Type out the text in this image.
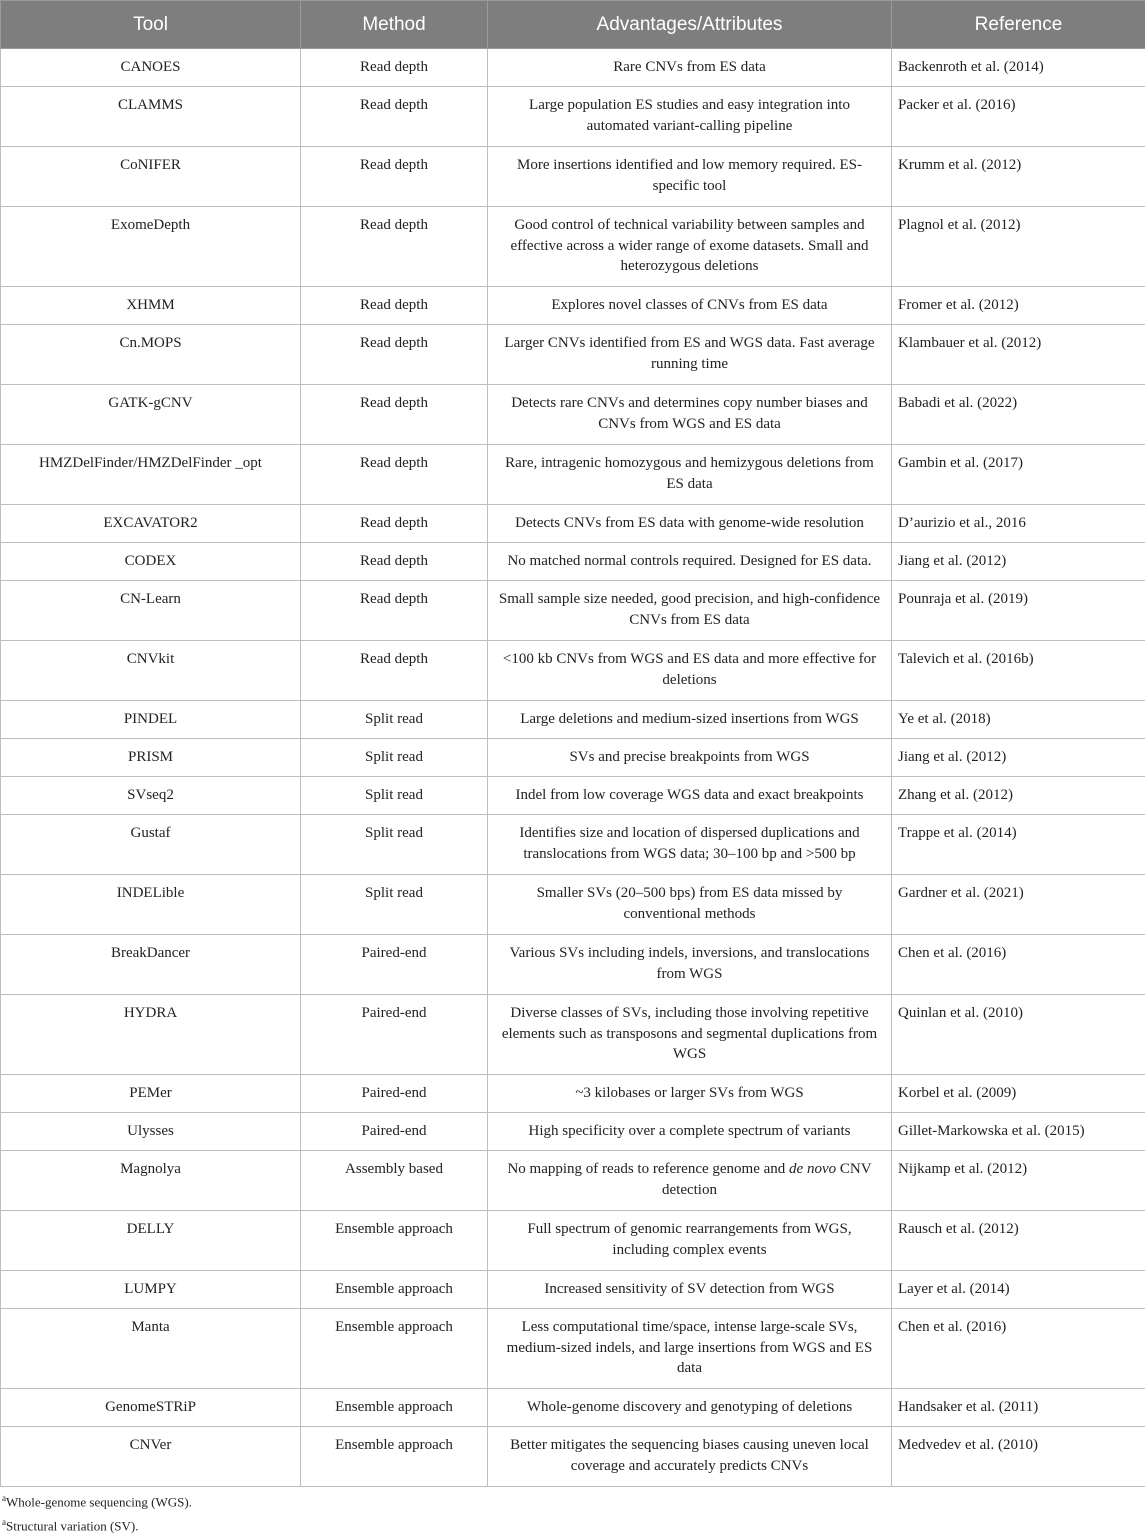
Tool	Method	Advantages/Attributes	Reference
CANOES	Read depth	Rare CNVs from ES data	Backenroth et al. (2014)
CLAMMS	Read depth	Large population ES studies and easy integration into automated variant-calling pipeline	Packer et al. (2016)
CoNIFER	Read depth	More insertions identified and low memory required. ES-specific tool	Krumm et al. (2012)
ExomeDepth	Read depth	Good control of technical variability between samples and effective across a wider range of exome datasets. Small and heterozygous deletions	Plagnol et al. (2012)
XHMM	Read depth	Explores novel classes of CNVs from ES data	Fromer et al. (2012)
Cn.MOPS	Read depth	Larger CNVs identified from ES and WGS data. Fast average running time	Klambauer et al. (2012)
GATK-gCNV	Read depth	Detects rare CNVs and determines copy number biases and CNVs from WGS and ES data	Babadi et al. (2022)
HMZDelFinder/HMZDelFinder _opt	Read depth	Rare, intragenic homozygous and hemizygous deletions from ES data	Gambin et al. (2017)
EXCAVATOR2	Read depth	Detects CNVs from ES data with genome-wide resolution	D’aurizio et al., 2016
CODEX	Read depth	No matched normal controls required. Designed for ES data.	Jiang et al. (2012)
CN-Learn	Read depth	Small sample size needed, good precision, and high-confidence CNVs from ES data	Pounraja et al. (2019)
CNVkit	Read depth	<100 kb CNVs from WGS and ES data and more effective for deletions	Talevich et al. (2016b)
PINDEL	Split read	Large deletions and medium-sized insertions from WGS	Ye et al. (2018)
PRISM	Split read	SVs and precise breakpoints from WGS	Jiang et al. (2012)
SVseq2	Split read	Indel from low coverage WGS data and exact breakpoints	Zhang et al. (2012)
Gustaf	Split read	Identifies size and location of dispersed duplications and translocations from WGS data; 30–100 bp and >500 bp	Trappe et al. (2014)
INDELible	Split read	Smaller SVs (20–500 bps) from ES data missed by conventional methods	Gardner et al. (2021)
BreakDancer	Paired-end	Various SVs including indels, inversions, and translocations from WGS	Chen et al. (2016)
HYDRA	Paired-end	Diverse classes of SVs, including those involving repetitive elements such as transposons and segmental duplications from WGS	Quinlan et al. (2010)
PEMer	Paired-end	~3 kilobases or larger SVs from WGS	Korbel et al. (2009)
Ulysses	Paired-end	High specificity over a complete spectrum of variants	Gillet-Markowska et al. (2015)
Magnolya	Assembly based	No mapping of reads to reference genome and de novo CNV detection	Nijkamp et al. (2012)
DELLY	Ensemble approach	Full spectrum of genomic rearrangements from WGS, including complex events	Rausch et al. (2012)
LUMPY	Ensemble approach	Increased sensitivity of SV detection from WGS	Layer et al. (2014)
Manta	Ensemble approach	Less computational time/space, intense large-scale SVs, medium-sized indels, and large insertions from WGS and ES data	Chen et al. (2016)
GenomeSTRiP	Ensemble approach	Whole-genome discovery and genotyping of deletions	Handsaker et al. (2011)
CNVer	Ensemble approach	Better mitigates the sequencing biases causing uneven local coverage and accurately predicts CNVs	Medvedev et al. (2010)
$^a$Whole-genome sequencing (WGS).
$^a$Structural variation (SV).
